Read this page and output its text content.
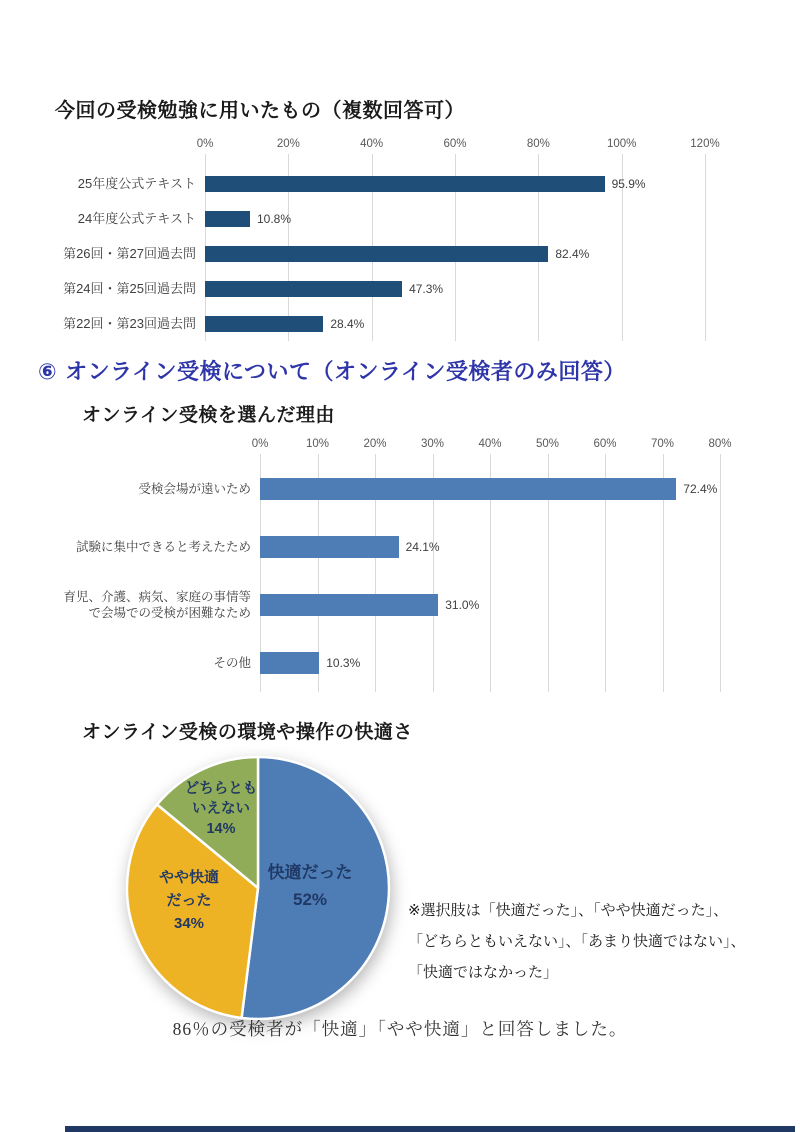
今回の受検勉強に用いたもの（複数回答可）
0%	20%	40%	60%	80%	100%	120%
25年度公式テキスト	95.9%
24年度公式テキスト	10.8%
第26回・第27回過去問	82.4%
第24回・第25回過去問	47.3%
第22回・第23回過去問	28.4%
⑥ オンライン受検について（オンライン受検者のみ回答）
オンライン受検を選んだ理由
0%	10%	20%	30%	40%	50%	60%	70%	80%
受検会場が遠いため	72.4%
試験に集中できると考えたため	24.1%
育児、介護、病気、家庭の事情等
で会場での受検が困難なため
31.0%
その他	10.3%
オンライン受検の環境や操作の快適さ
快適だった
52%
やや快適
だった
34%
どちらとも
いえない
14%
※選択肢は「快適だった」、「やや快適だった」、
「どちらともいえない」、「あまり快適ではない」、
「快適ではなかった」

86％の受検者が「快適」「やや快適」と回答しました。
